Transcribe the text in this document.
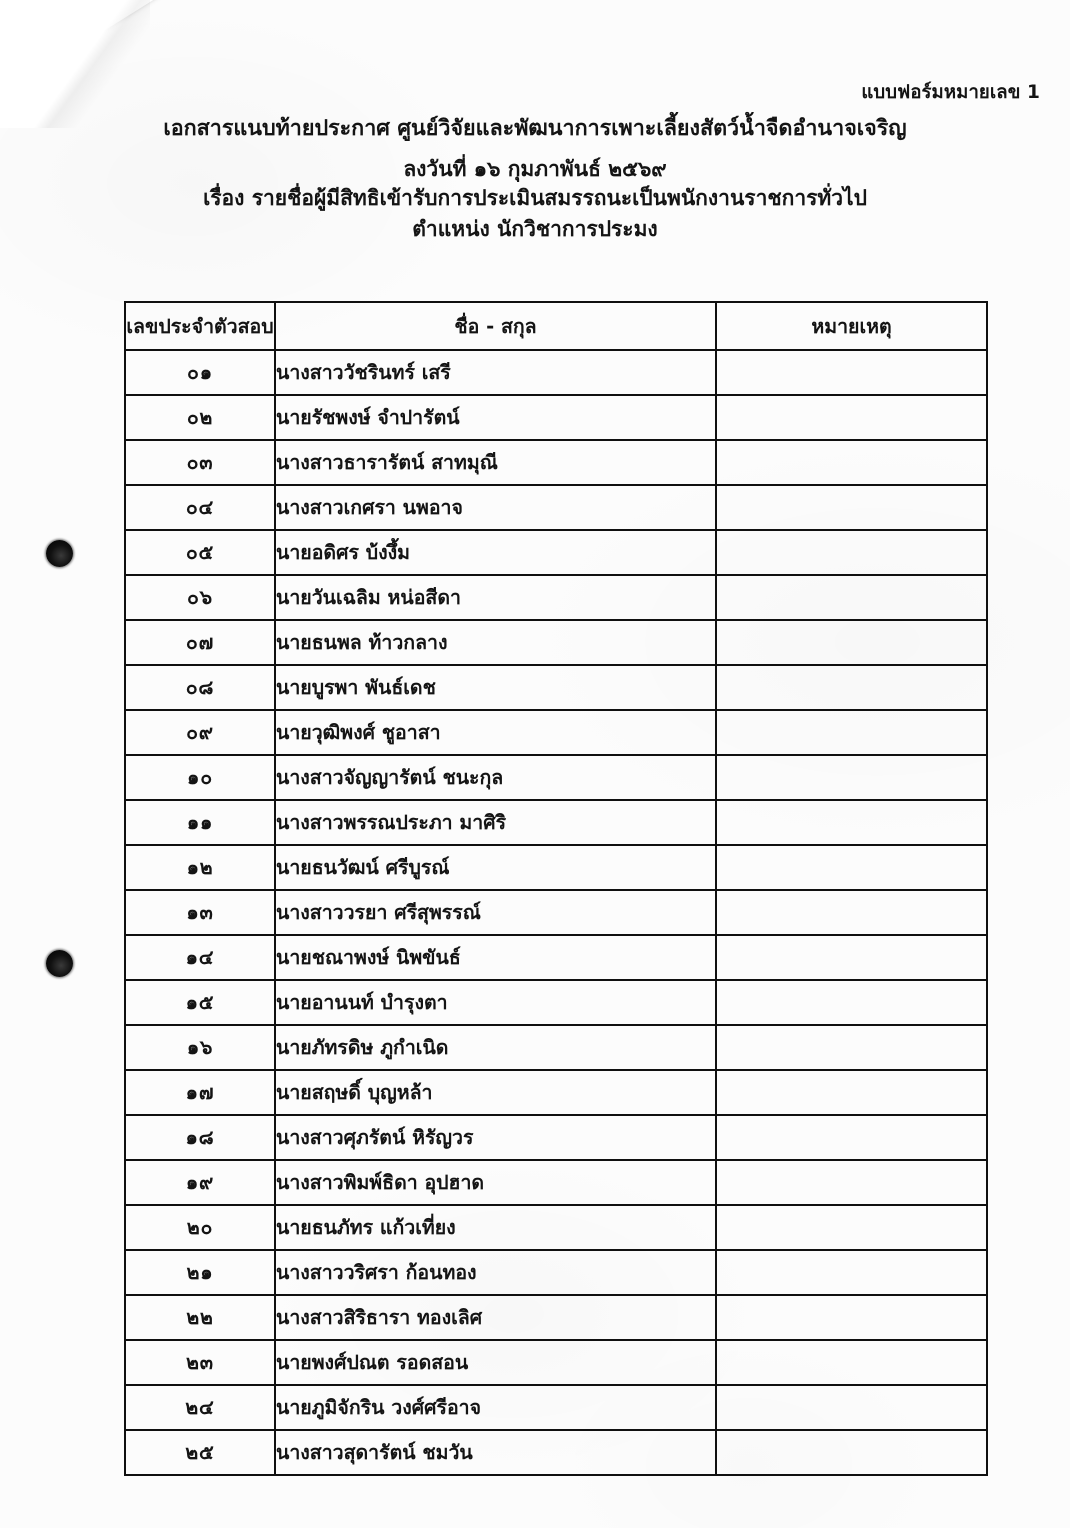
แบบฟอร์มหมายเลข 1
เอกสารแนบท้ายประกาศ ศูนย์วิจัยและพัฒนาการเพาะเลี้ยงสัตว์น้ำจืดอำนาจเจริญ
ลงวันที่ ๑๖ กุมภาพันธ์ ๒๕๖๙
เรื่อง รายชื่อผู้มีสิทธิเข้ารับการประเมินสมรรถนะเป็นพนักงานราชการทั่วไป
ตำแหน่ง นักวิชาการประมง
เลขประจำตัวสอบ	ชื่อ - สกุล	หมายเหตุ
๐๑	นางสาววัชรินทร์ เสรี	
๐๒	นายรัชพงษ์ จำปารัตน์	
๐๓	นางสาวธารารัตน์ สาทมุณี	
๐๔	นางสาวเกศรา นพอาจ	
๐๕	นายอดิศร บ้งงึ้ม	
๐๖	นายวันเฉลิม หน่อสีดา	
๐๗	นายธนพล ท้าวกลาง	
๐๘	นายบูรพา พันธ์เดช	
๐๙	นายวุฒิพงศ์ ชูอาสา	
๑๐	นางสาวจัญญารัตน์ ชนะกุล	
๑๑	นางสาวพรรณประภา มาศิริ	
๑๒	นายธนวัฒน์ ศรีบูรณ์	
๑๓	นางสาววรยา ศรีสุพรรณ์	
๑๔	นายชณาพงษ์ นิพขันธ์	
๑๕	นายอานนท์ บำรุงตา	
๑๖	นายภัทรดิษ ภูกำเนิด	
๑๗	นายสฤษดิ์ บุญหล้า	
๑๘	นางสาวศุภรัตน์ หิรัญวร	
๑๙	นางสาวพิมพ์ธิดา อุปฮาด	
๒๐	นายธนภัทร แก้วเที่ยง	
๒๑	นางสาววริศรา ก้อนทอง	
๒๒	นางสาวสิริธารา ทองเลิศ	
๒๓	นายพงศ์ปณต รอดสอน	
๒๔	นายภูมิจักริน วงศ์ศรีอาจ	
๒๕	นางสาวสุดารัตน์ ชมวัน	
